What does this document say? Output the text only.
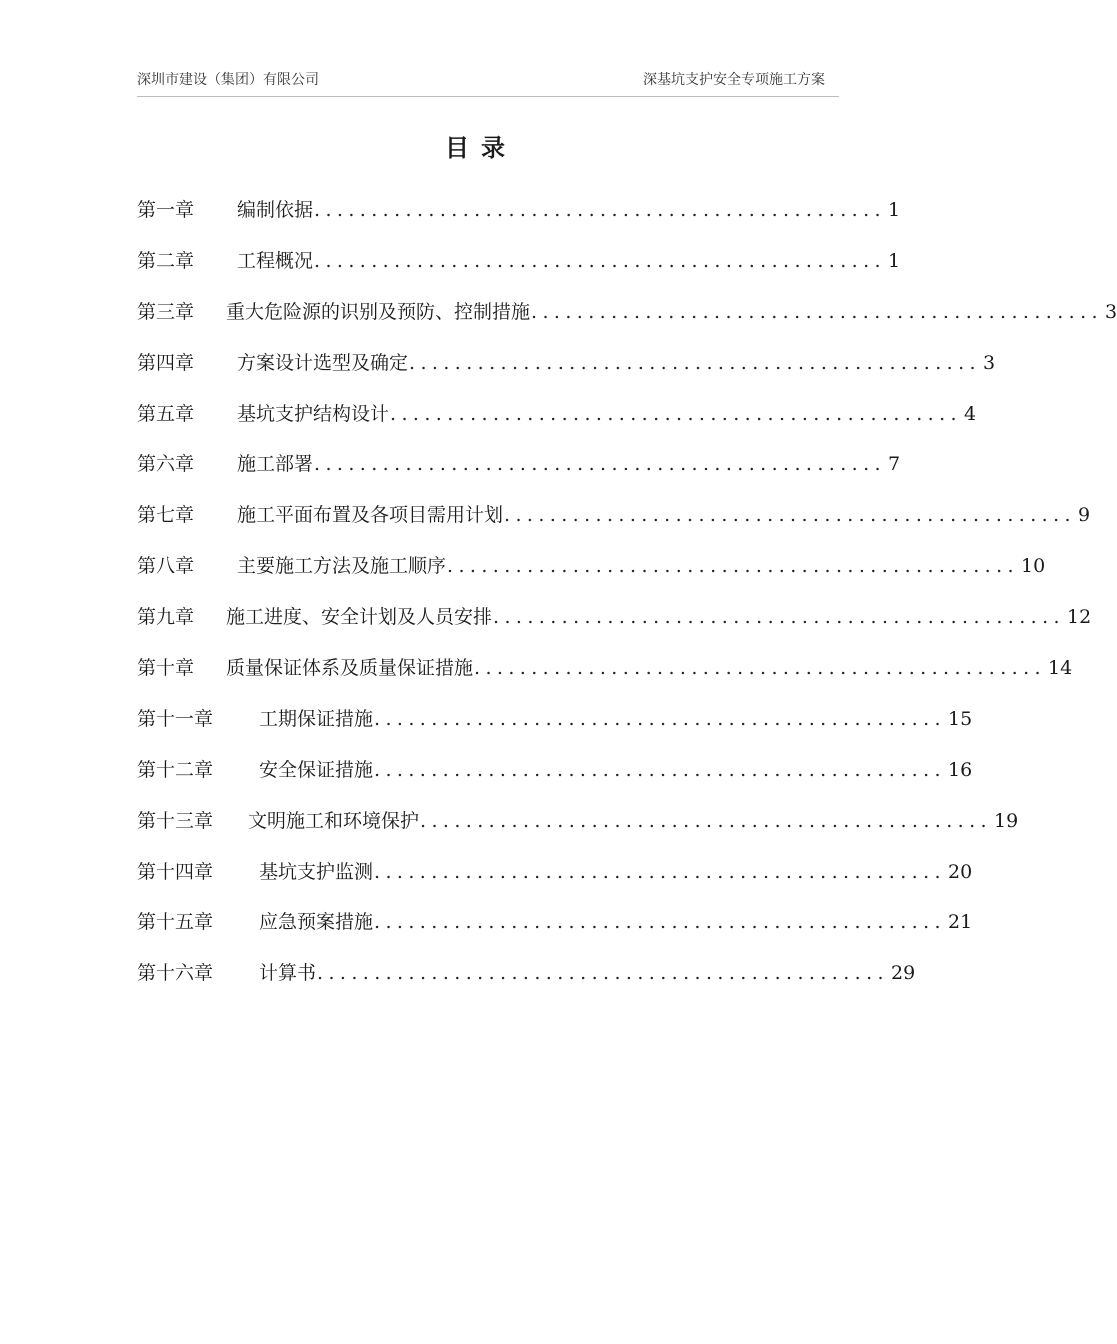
深圳市建设（集团）有限公司	深基坑支护安全专项施工方案
目录
第一章	编制依据 .................................................. 1
第二章	工程概况 .................................................. 1
第三章	重大危险源的识别及预防、控制措施 .................................................. 3
第四章	方案设计选型及确定 .................................................. 3
第五章	基坑支护结构设计 .................................................. 4
第六章	施工部署 .................................................. 7
第七章	施工平面布置及各项目需用计划 .................................................. 9
第八章	主要施工方法及施工顺序 .................................................. 10
第九章	施工进度、安全计划及人员安排 .................................................. 12
第十章	质量保证体系及质量保证措施 .................................................. 14
第十一章	工期保证措施 .................................................. 15
第十二章	安全保证措施 .................................................. 16
第十三章	文明施工和环境保护 .................................................. 19
第十四章	基坑支护监测 .................................................. 20
第十五章	应急预案措施 .................................................. 21
第十六章	计算书 .................................................. 29
